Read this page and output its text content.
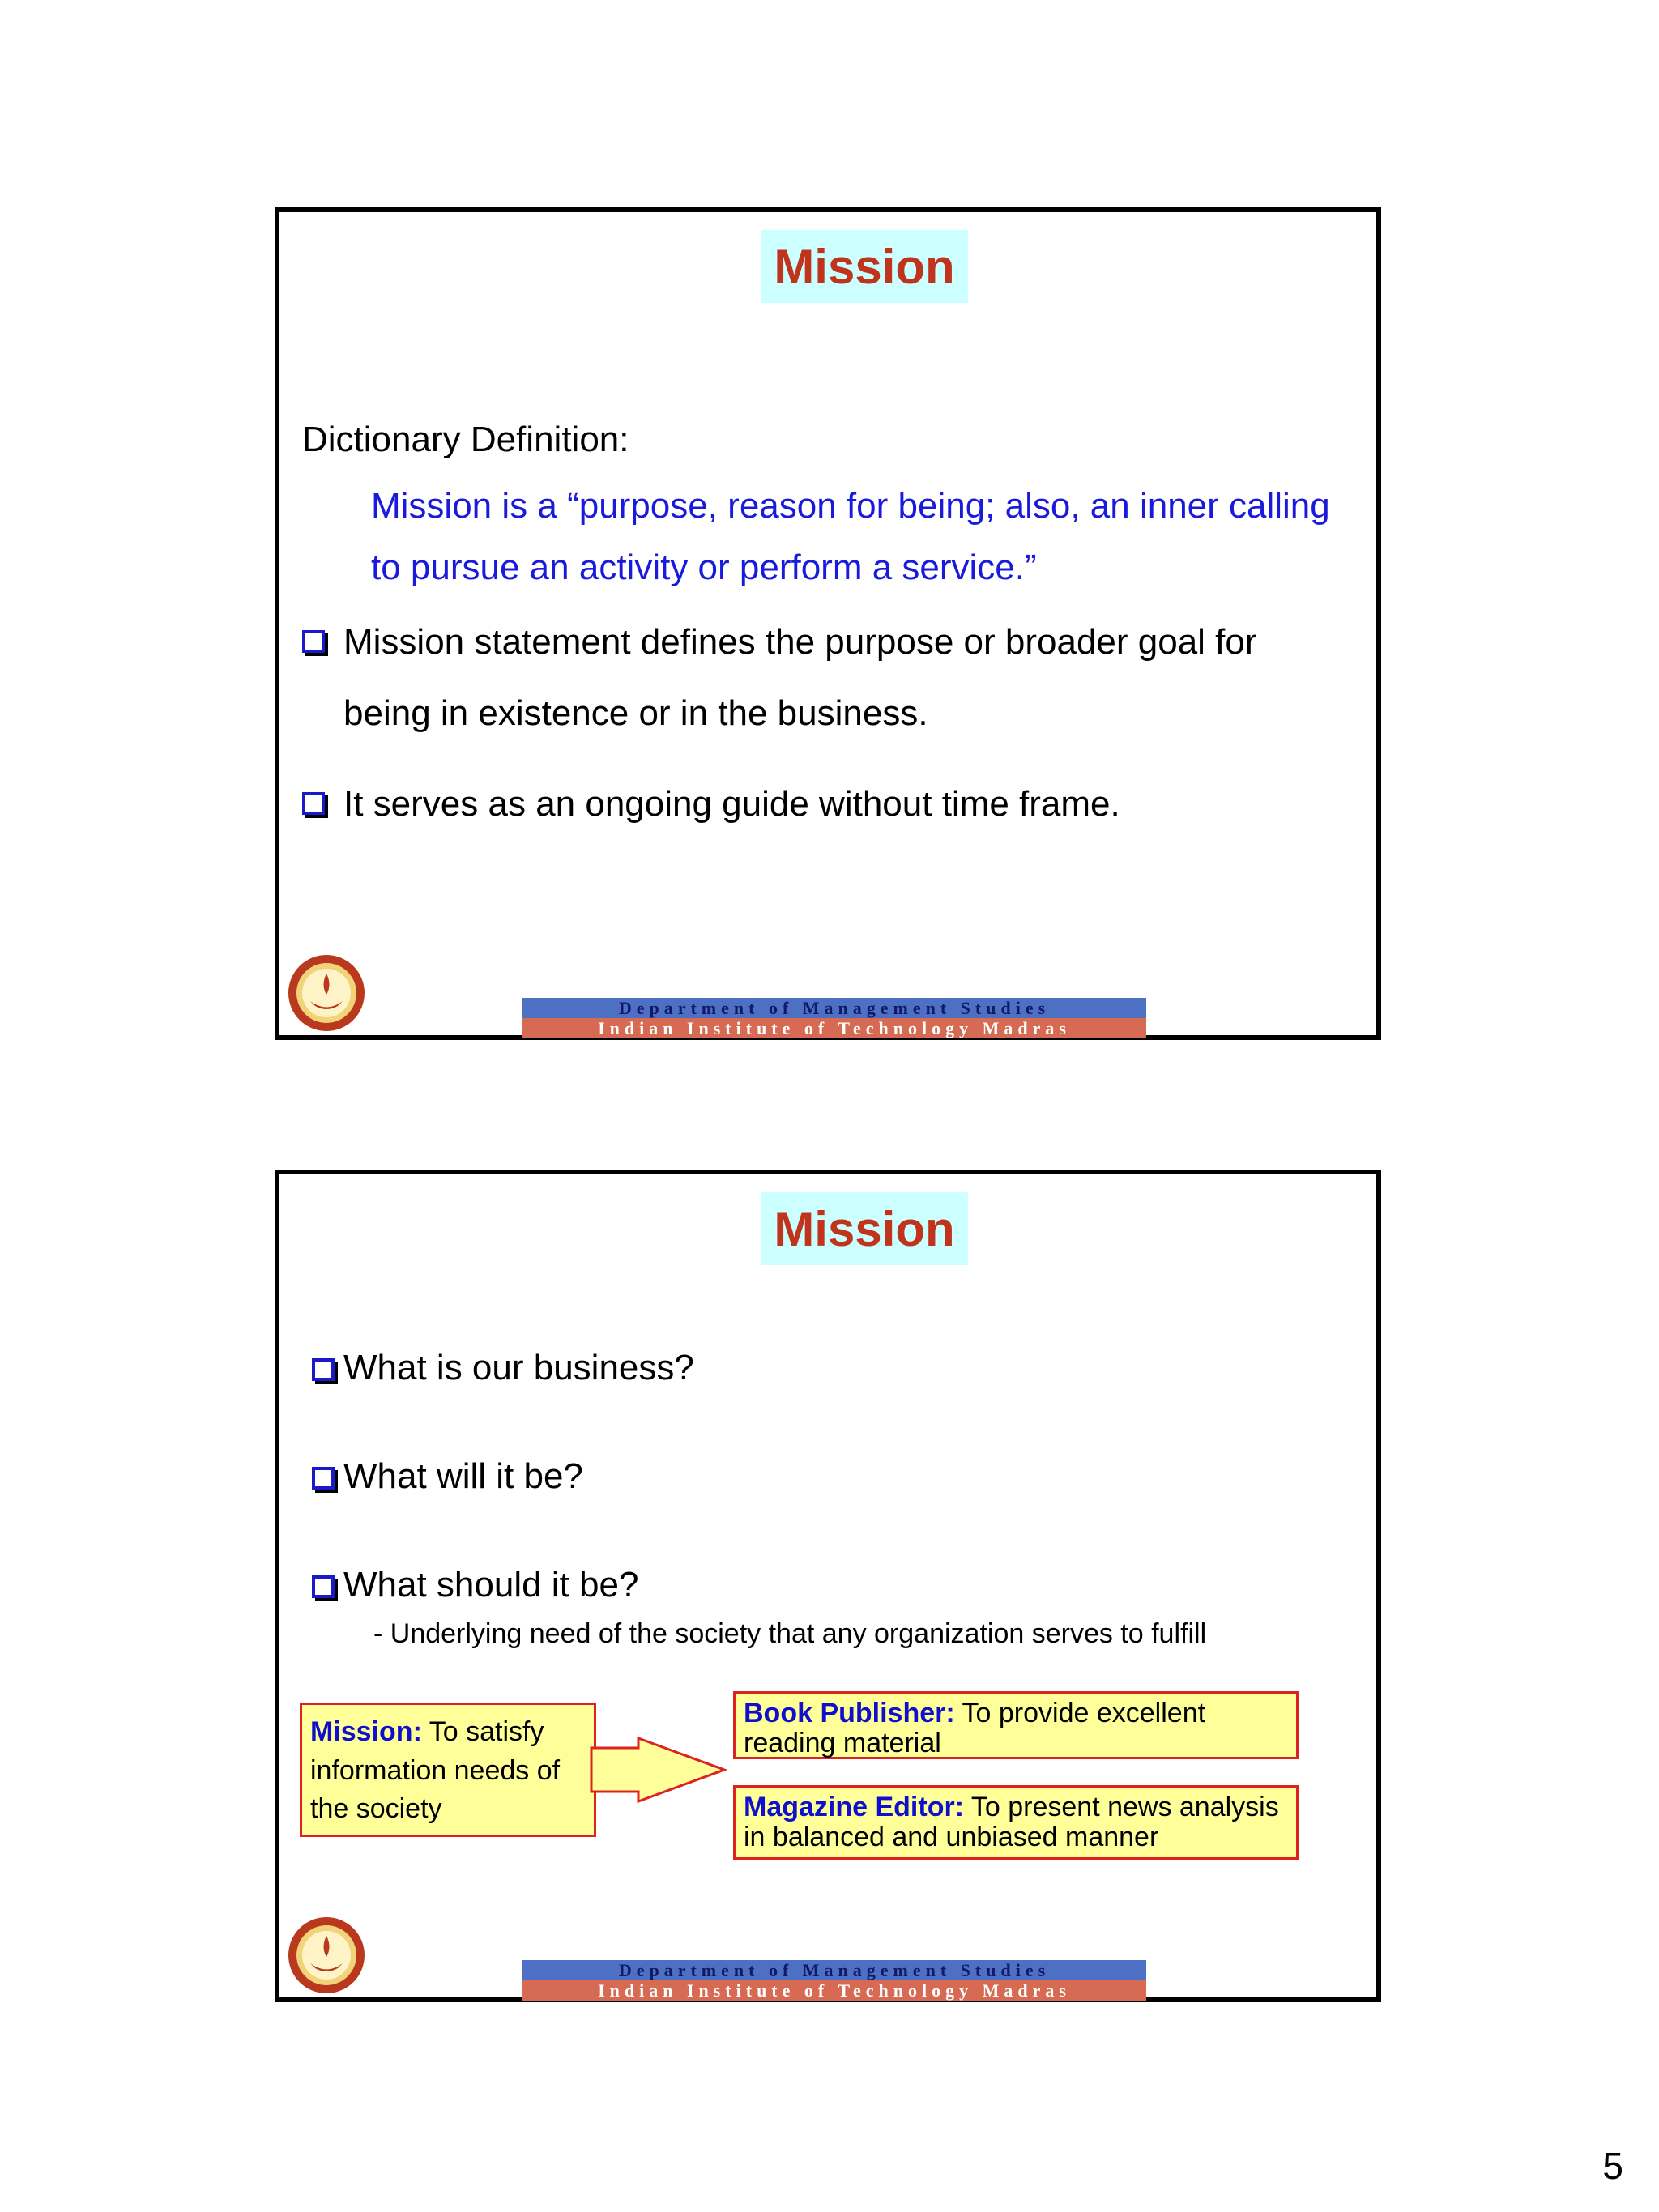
Mission
Dictionary Definition:
Mission is a “purpose, reason for being; also, an inner calling
to pursue an activity or perform a service.”
Mission statement defines the purpose or broader goal for
being in existence or in the business.
It serves as an ongoing guide without time frame.
Department of Management Studies
Indian Institute of Technology Madras
Mission
What is our business?
What will it be?
What should it be?
- Underlying need of the society that any organization serves to fulfill
Mission: To satisfy information needs of the society
Book Publisher: To provide excellent reading material
Magazine Editor: To present news analysis in balanced and unbiased manner
Department of Management Studies
Indian Institute of Technology Madras
5
